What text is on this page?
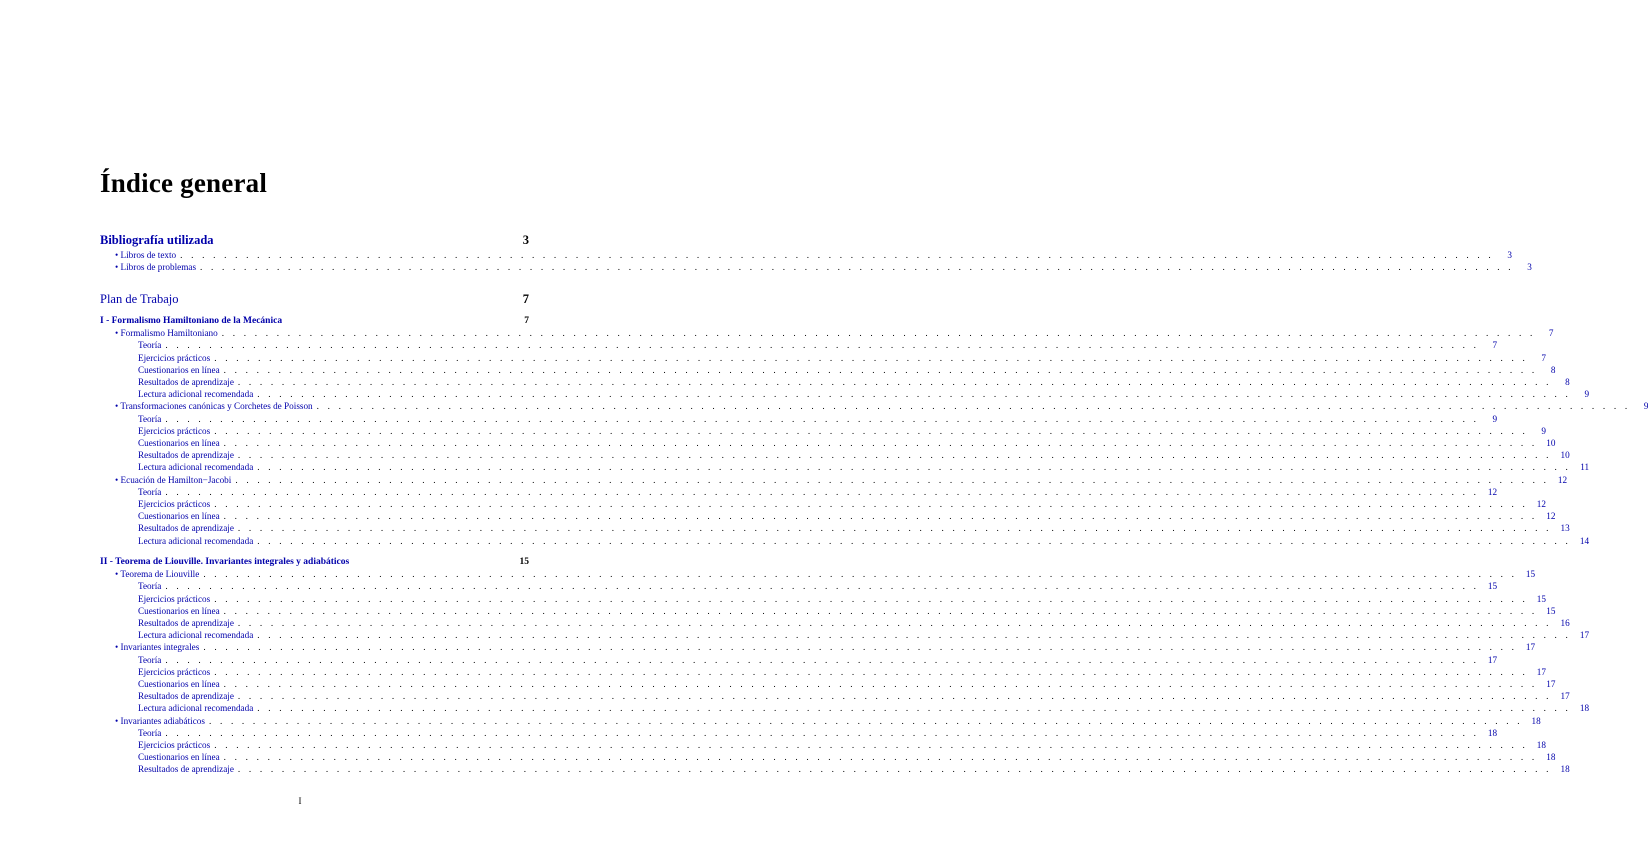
Índice general
Bibliografía utilizada	3
• Libros de texto . . . . . . . . . . . . . . . . . . . . . . . . . . . . . . . . . . . . . . . . . . . . . . . . . . . . . . . . . . . . . . . . . . . . . . . . . . . . . . . . . . . . . . . . . . . . . . . . . . . . . . . . . . . . . . . . . . . . . . . .	3
• Libros de problemas . . . . . . . . . . . . . . . . . . . . . . . . . . . . . . . . . . . . . . . . . . . . . . . . . . . . . . . . . . . . . . . . . . . . . . . . . . . . . . . . . . . . . . . . . . . . . . . . . . . . . . . . . . . . . . . . . . . . . . . .	3
Plan de Trabajo	7
I - Formalismo Hamiltoniano de la Mecánica	7
• Formalismo Hamiltoniano . . . . . . . . . . . . . . . . . . . . . . . . . . . . . . . . . . . . . . . . . . . . . . . . . . . . . . . . . . . . . . . . . . . . . . . . . . . . . . . . . . . . . . . . . . . . . . . . . . . . . . . . . . . . . . . . . . . . . . . .	7
Teoría . . . . . . . . . . . . . . . . . . . . . . . . . . . . . . . . . . . . . . . . . . . . . . . . . . . . . . . . . . . . . . . . . . . . . . . . . . . . . . . . . . . . . . . . . . . . . . . . . . . . . . . . . . . . . . . . . . . . . . . .	7
Ejercicios prácticos . . . . . . . . . . . . . . . . . . . . . . . . . . . . . . . . . . . . . . . . . . . . . . . . . . . . . . . . . . . . . . . . . . . . . . . . . . . . . . . . . . . . . . . . . . . . . . . . . . . . . . . . . . . . . . . . . . . . . . . .	7
Cuestionarios en línea . . . . . . . . . . . . . . . . . . . . . . . . . . . . . . . . . . . . . . . . . . . . . . . . . . . . . . . . . . . . . . . . . . . . . . . . . . . . . . . . . . . . . . . . . . . . . . . . . . . . . . . . . . . . . . . . . . . . . . . .	8
Resultados de aprendizaje . . . . . . . . . . . . . . . . . . . . . . . . . . . . . . . . . . . . . . . . . . . . . . . . . . . . . . . . . . . . . . . . . . . . . . . . . . . . . . . . . . . . . . . . . . . . . . . . . . . . . . . . . . . . . . . . . . . . . . . .	8
Lectura adicional recomendada . . . . . . . . . . . . . . . . . . . . . . . . . . . . . . . . . . . . . . . . . . . . . . . . . . . . . . . . . . . . . . . . . . . . . . . . . . . . . . . . . . . . . . . . . . . . . . . . . . . . . . . . . . . . . . . . . . . . . . . .	9
• Transformaciones canónicas y Corchetes de Poisson . . . . . . . . . . . . . . . . . . . . . . . . . . . . . . . . . . . . . . . . . . . . . . . . . . . . . . . . . . . . . . . . . . . . . . . . . . . . . . . . . . . . . . . . . . . . . . . . . . . . . . . . . . . . . . . . . . . . . . . .	9
Teoría . . . . . . . . . . . . . . . . . . . . . . . . . . . . . . . . . . . . . . . . . . . . . . . . . . . . . . . . . . . . . . . . . . . . . . . . . . . . . . . . . . . . . . . . . . . . . . . . . . . . . . . . . . . . . . . . . . . . . . . .	9
Ejercicios prácticos . . . . . . . . . . . . . . . . . . . . . . . . . . . . . . . . . . . . . . . . . . . . . . . . . . . . . . . . . . . . . . . . . . . . . . . . . . . . . . . . . . . . . . . . . . . . . . . . . . . . . . . . . . . . . . . . . . . . . . . .	9
Cuestionarios en línea . . . . . . . . . . . . . . . . . . . . . . . . . . . . . . . . . . . . . . . . . . . . . . . . . . . . . . . . . . . . . . . . . . . . . . . . . . . . . . . . . . . . . . . . . . . . . . . . . . . . . . . . . . . . . . . . . . . . . . . . 10
Resultados de aprendizaje . . . . . . . . . . . . . . . . . . . . . . . . . . . . . . . . . . . . . . . . . . . . . . . . . . . . . . . . . . . . . . . . . . . . . . . . . . . . . . . . . . . . . . . . . . . . . . . . . . . . . . . . . . . . . . . . . . . . . . . . 10
Lectura adicional recomendada . . . . . . . . . . . . . . . . . . . . . . . . . . . . . . . . . . . . . . . . . . . . . . . . . . . . . . . . . . . . . . . . . . . . . . . . . . . . . . . . . . . . . . . . . . . . . . . . . . . . . . . . . . . . . . . . . . . . . . . . 11
• Ecuación de Hamilton−Jacobi . . . . . . . . . . . . . . . . . . . . . . . . . . . . . . . . . . . . . . . . . . . . . . . . . . . . . . . . . . . . . . . . . . . . . . . . . . . . . . . . . . . . . . . . . . . . . . . . . . . . . . . . . . . . . . . . . . . . . . . . 12
Teoría . . . . . . . . . . . . . . . . . . . . . . . . . . . . . . . . . . . . . . . . . . . . . . . . . . . . . . . . . . . . . . . . . . . . . . . . . . . . . . . . . . . . . . . . . . . . . . . . . . . . . . . . . . . . . . . . . . . . . . . . 12
Ejercicios prácticos . . . . . . . . . . . . . . . . . . . . . . . . . . . . . . . . . . . . . . . . . . . . . . . . . . . . . . . . . . . . . . . . . . . . . . . . . . . . . . . . . . . . . . . . . . . . . . . . . . . . . . . . . . . . . . . . . . . . . . . . 12
Cuestionarios en línea . . . . . . . . . . . . . . . . . . . . . . . . . . . . . . . . . . . . . . . . . . . . . . . . . . . . . . . . . . . . . . . . . . . . . . . . . . . . . . . . . . . . . . . . . . . . . . . . . . . . . . . . . . . . . . . . . . . . . . . . 12
Resultados de aprendizaje . . . . . . . . . . . . . . . . . . . . . . . . . . . . . . . . . . . . . . . . . . . . . . . . . . . . . . . . . . . . . . . . . . . . . . . . . . . . . . . . . . . . . . . . . . . . . . . . . . . . . . . . . . . . . . . . . . . . . . . . 13
Lectura adicional recomendada . . . . . . . . . . . . . . . . . . . . . . . . . . . . . . . . . . . . . . . . . . . . . . . . . . . . . . . . . . . . . . . . . . . . . . . . . . . . . . . . . . . . . . . . . . . . . . . . . . . . . . . . . . . . . . . . . . . . . . . . 14
II - Teorema de Liouville. Invariantes integrales y adiabáticos	15
• Teorema de Liouville . . . . . . . . . . . . . . . . . . . . . . . . . . . . . . . . . . . . . . . . . . . . . . . . . . . . . . . . . . . . . . . . . . . . . . . . . . . . . . . . . . . . . . . . . . . . . . . . . . . . . . . . . . . . . . . . . . . . . . . . 15
Teoría . . . . . . . . . . . . . . . . . . . . . . . . . . . . . . . . . . . . . . . . . . . . . . . . . . . . . . . . . . . . . . . . . . . . . . . . . . . . . . . . . . . . . . . . . . . . . . . . . . . . . . . . . . . . . . . . . . . . . . . . 15
Ejercicios prácticos . . . . . . . . . . . . . . . . . . . . . . . . . . . . . . . . . . . . . . . . . . . . . . . . . . . . . . . . . . . . . . . . . . . . . . . . . . . . . . . . . . . . . . . . . . . . . . . . . . . . . . . . . . . . . . . . . . . . . . . . 15
Cuestionarios en línea . . . . . . . . . . . . . . . . . . . . . . . . . . . . . . . . . . . . . . . . . . . . . . . . . . . . . . . . . . . . . . . . . . . . . . . . . . . . . . . . . . . . . . . . . . . . . . . . . . . . . . . . . . . . . . . . . . . . . . . . 15
Resultados de aprendizaje . . . . . . . . . . . . . . . . . . . . . . . . . . . . . . . . . . . . . . . . . . . . . . . . . . . . . . . . . . . . . . . . . . . . . . . . . . . . . . . . . . . . . . . . . . . . . . . . . . . . . . . . . . . . . . . . . . . . . . . . 16
Lectura adicional recomendada . . . . . . . . . . . . . . . . . . . . . . . . . . . . . . . . . . . . . . . . . . . . . . . . . . . . . . . . . . . . . . . . . . . . . . . . . . . . . . . . . . . . . . . . . . . . . . . . . . . . . . . . . . . . . . . . . . . . . . . . 17
• Invariantes integrales . . . . . . . . . . . . . . . . . . . . . . . . . . . . . . . . . . . . . . . . . . . . . . . . . . . . . . . . . . . . . . . . . . . . . . . . . . . . . . . . . . . . . . . . . . . . . . . . . . . . . . . . . . . . . . . . . . . . . . . . 17
Teoría . . . . . . . . . . . . . . . . . . . . . . . . . . . . . . . . . . . . . . . . . . . . . . . . . . . . . . . . . . . . . . . . . . . . . . . . . . . . . . . . . . . . . . . . . . . . . . . . . . . . . . . . . . . . . . . . . . . . . . . . 17
Ejercicios prácticos . . . . . . . . . . . . . . . . . . . . . . . . . . . . . . . . . . . . . . . . . . . . . . . . . . . . . . . . . . . . . . . . . . . . . . . . . . . . . . . . . . . . . . . . . . . . . . . . . . . . . . . . . . . . . . . . . . . . . . . . 17
Cuestionarios en línea . . . . . . . . . . . . . . . . . . . . . . . . . . . . . . . . . . . . . . . . . . . . . . . . . . . . . . . . . . . . . . . . . . . . . . . . . . . . . . . . . . . . . . . . . . . . . . . . . . . . . . . . . . . . . . . . . . . . . . . . 17
Resultados de aprendizaje . . . . . . . . . . . . . . . . . . . . . . . . . . . . . . . . . . . . . . . . . . . . . . . . . . . . . . . . . . . . . . . . . . . . . . . . . . . . . . . . . . . . . . . . . . . . . . . . . . . . . . . . . . . . . . . . . . . . . . . . 17
Lectura adicional recomendada . . . . . . . . . . . . . . . . . . . . . . . . . . . . . . . . . . . . . . . . . . . . . . . . . . . . . . . . . . . . . . . . . . . . . . . . . . . . . . . . . . . . . . . . . . . . . . . . . . . . . . . . . . . . . . . . . . . . . . . . 18
• Invariantes adiabáticos . . . . . . . . . . . . . . . . . . . . . . . . . . . . . . . . . . . . . . . . . . . . . . . . . . . . . . . . . . . . . . . . . . . . . . . . . . . . . . . . . . . . . . . . . . . . . . . . . . . . . . . . . . . . . . . . . . . . . . . . 18
Teoría . . . . . . . . . . . . . . . . . . . . . . . . . . . . . . . . . . . . . . . . . . . . . . . . . . . . . . . . . . . . . . . . . . . . . . . . . . . . . . . . . . . . . . . . . . . . . . . . . . . . . . . . . . . . . . . . . . . . . . . . 18
Ejercicios prácticos . . . . . . . . . . . . . . . . . . . . . . . . . . . . . . . . . . . . . . . . . . . . . . . . . . . . . . . . . . . . . . . . . . . . . . . . . . . . . . . . . . . . . . . . . . . . . . . . . . . . . . . . . . . . . . . . . . . . . . . . 18
Cuestionarios en línea . . . . . . . . . . . . . . . . . . . . . . . . . . . . . . . . . . . . . . . . . . . . . . . . . . . . . . . . . . . . . . . . . . . . . . . . . . . . . . . . . . . . . . . . . . . . . . . . . . . . . . . . . . . . . . . . . . . . . . . . 18
Resultados de aprendizaje . . . . . . . . . . . . . . . . . . . . . . . . . . . . . . . . . . . . . . . . . . . . . . . . . . . . . . . . . . . . . . . . . . . . . . . . . . . . . . . . . . . . . . . . . . . . . . . . . . . . . . . . . . . . . . . . . . . . . . . . 18
I
